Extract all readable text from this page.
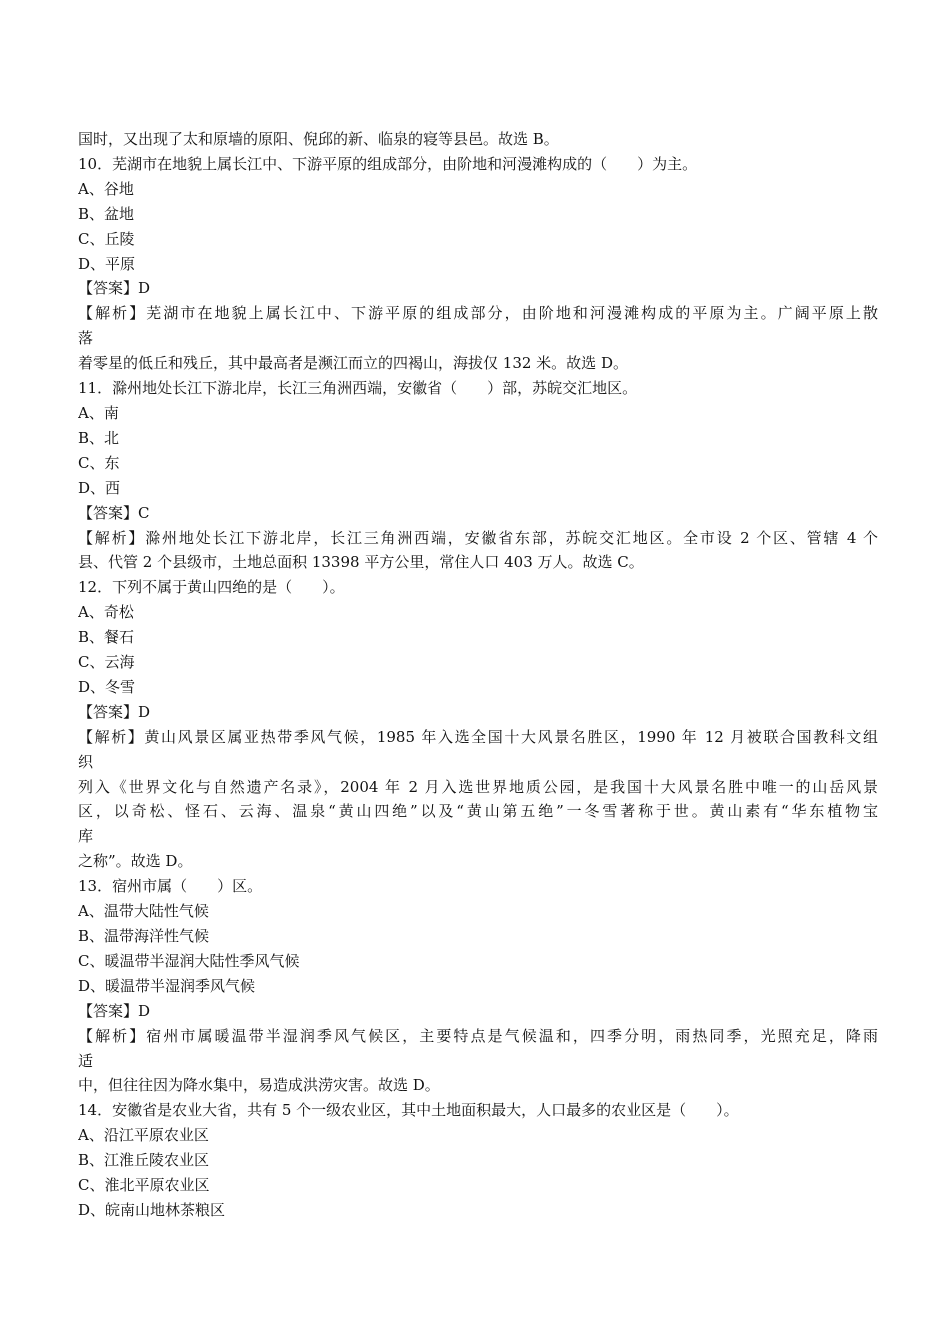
国时，又出现了太和原墙的原阳、倪邱的新、临泉的寝等县邑。故选 B。
10．芜湖市在地貌上属长江中、下游平原的组成部分，由阶地和河漫滩构成的（　　）为主。
A、谷地
B、盆地
C、丘陵
D、平原
【答案】D
【解析】芜湖市在地貌上属长江中、下游平原的组成部分，由阶地和河漫滩构成的平原为主。广阔平原上散
落
着零星的低丘和残丘，其中最高者是濒江而立的四褐山，海拔仅 132 米。故选 D。
11．滁州地处长江下游北岸，长江三角洲西端，安徽省（　　）部，苏皖交汇地区。
A、南
B、北
C、东
D、西
【答案】C
【解析】滁州地处长江下游北岸，长江三角洲西端，安徽省东部，苏皖交汇地区。全市设 2 个区、管辖 4 个
县、代管 2 个县级市，土地总面积 13398 平方公里，常住人口 403 万人。故选 C。
12．下列不属于黄山四绝的是（　　）。
A、奇松
B、餐石
C、云海
D、冬雪
【答案】D
【解析】黄山风景区属亚热带季风气候，1985 年入选全国十大风景名胜区，1990 年 12 月被联合国教科文组
织
列入《世界文化与自然遗产名录》，2004 年 2 月入选世界地质公园，是我国十大风景名胜中唯一的山岳风景
区，以奇松、怪石、云海、温泉“黄山四绝”以及“黄山第五绝”一冬雪著称于世。黄山素有“华东植物宝
库
之称”。故选 D。
13．宿州市属（　　）区。
A、温带大陆性气候
B、温带海洋性气候
C、暖温带半湿润大陆性季风气候
D、暖温带半湿润季风气候
【答案】D
【解析】宿州市属暖温带半湿润季风气候区，主要特点是气候温和，四季分明，雨热同季，光照充足，降雨
适
中，但往往因为降水集中，易造成洪涝灾害。故选 D。
14．安徽省是农业大省，共有 5 个一级农业区，其中土地面积最大，人口最多的农业区是（　　）。
A、沿江平原农业区
B、江淮丘陵农业区
C、淮北平原农业区
D、皖南山地林茶粮区
